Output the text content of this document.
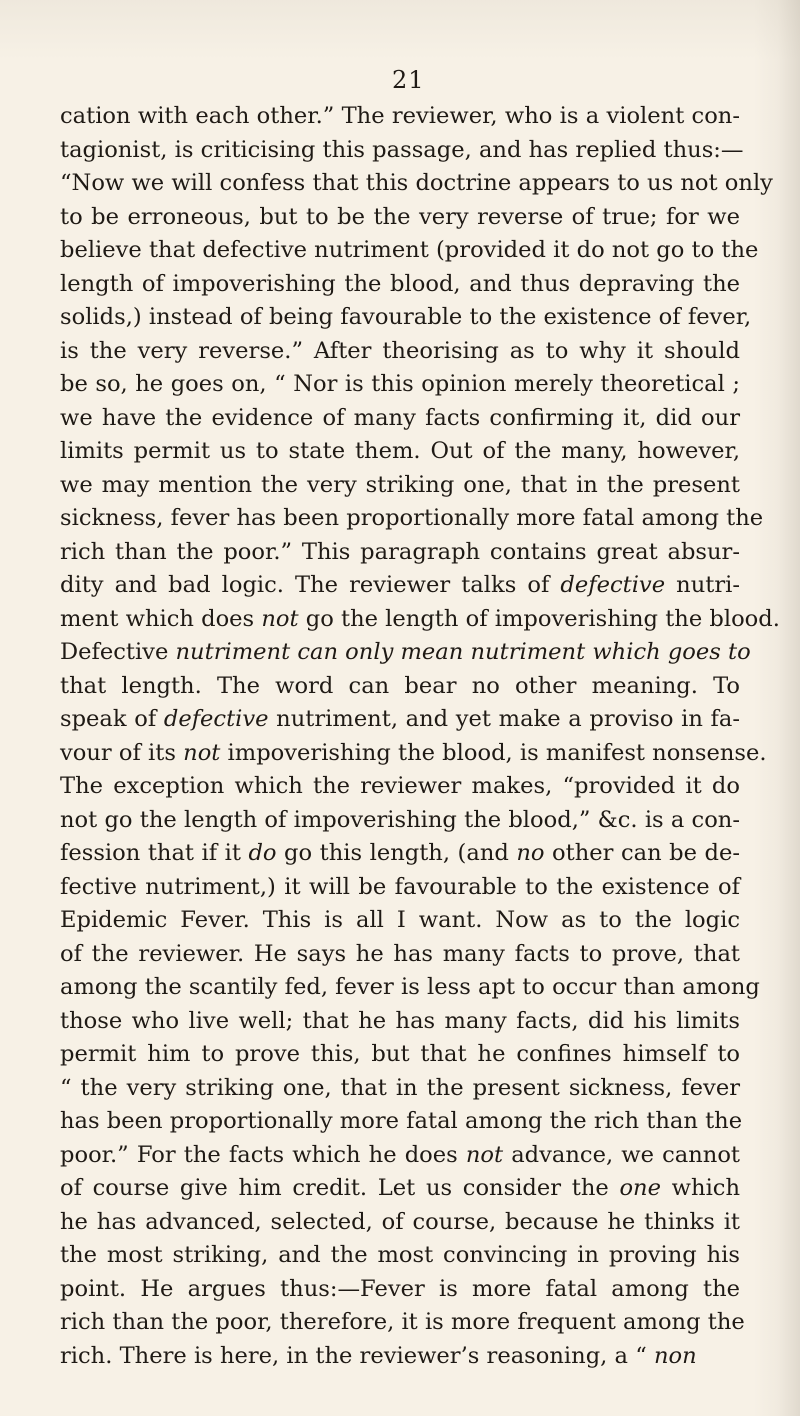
21
cation with each other.” The reviewer, who is a violent con-
tagionist, is criticising this passage, and has replied thus:—
“Now we will confess that this doctrine appears to us not only
to be erroneous, but to be the very reverse of true; for we
believe that defective nutriment (provided it do not go to the
length of impoverishing the blood, and thus depraving the
solids,) instead of being favourable to the existence of fever,
is the very reverse.” After theorising as to why it should
be so, he goes on, “ Nor is this opinion merely theoretical ;
we have the evidence of many facts confirming it, did our
limits permit us to state them. Out of the many, however,
we may mention the very striking one, that in the present
sickness, fever has been proportionally more fatal among the
rich than the poor.” This paragraph contains great absur-
dity and bad logic. The reviewer talks of defective nutri-
ment which does not go the length of impoverishing the blood.
Defective nutriment can only mean nutriment which goes to
that length. The word can bear no other meaning. To
speak of defective nutriment, and yet make a proviso in fa-
vour of its not impoverishing the blood, is manifest nonsense.
The exception which the reviewer makes, “provided it do
not go the length of impoverishing the blood,” &c. is a con-
fession that if it do go this length, (and no other can be de-
fective nutriment,) it will be favourable to the existence of
Epidemic Fever. This is all I want. Now as to the logic
of the reviewer. He says he has many facts to prove, that
among the scantily fed, fever is less apt to occur than among
those who live well; that he has many facts, did his limits
permit him to prove this, but that he confines himself to
“ the very striking one, that in the present sickness, fever
has been proportionally more fatal among the rich than the
poor.” For the facts which he does not advance, we cannot
of course give him credit. Let us consider the one which
he has advanced, selected, of course, because he thinks it
the most striking, and the most convincing in proving his
point. He argues thus:—Fever is more fatal among the
rich than the poor, therefore, it is more frequent among the
rich. There is here, in the reviewer’s reasoning, a “ non
